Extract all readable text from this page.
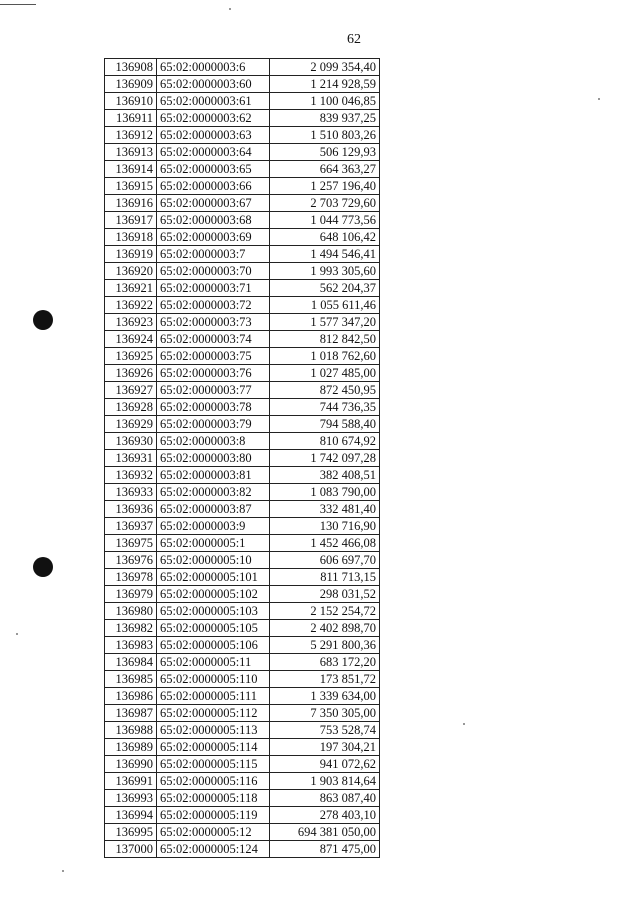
62
136908	65:02:0000003:6	2 099 354,40
136909	65:02:0000003:60	1 214 928,59
136910	65:02:0000003:61	1 100 046,85
136911	65:02:0000003:62	839 937,25
136912	65:02:0000003:63	1 510 803,26
136913	65:02:0000003:64	506 129,93
136914	65:02:0000003:65	664 363,27
136915	65:02:0000003:66	1 257 196,40
136916	65:02:0000003:67	2 703 729,60
136917	65:02:0000003:68	1 044 773,56
136918	65:02:0000003:69	648 106,42
136919	65:02:0000003:7	1 494 546,41
136920	65:02:0000003:70	1 993 305,60
136921	65:02:0000003:71	562 204,37
136922	65:02:0000003:72	1 055 611,46
136923	65:02:0000003:73	1 577 347,20
136924	65:02:0000003:74	812 842,50
136925	65:02:0000003:75	1 018 762,60
136926	65:02:0000003:76	1 027 485,00
136927	65:02:0000003:77	872 450,95
136928	65:02:0000003:78	744 736,35
136929	65:02:0000003:79	794 588,40
136930	65:02:0000003:8	810 674,92
136931	65:02:0000003:80	1 742 097,28
136932	65:02:0000003:81	382 408,51
136933	65:02:0000003:82	1 083 790,00
136936	65:02:0000003:87	332 481,40
136937	65:02:0000003:9	130 716,90
136975	65:02:0000005:1	1 452 466,08
136976	65:02:0000005:10	606 697,70
136978	65:02:0000005:101	811 713,15
136979	65:02:0000005:102	298 031,52
136980	65:02:0000005:103	2 152 254,72
136982	65:02:0000005:105	2 402 898,70
136983	65:02:0000005:106	5 291 800,36
136984	65:02:0000005:11	683 172,20
136985	65:02:0000005:110	173 851,72
136986	65:02:0000005:111	1 339 634,00
136987	65:02:0000005:112	7 350 305,00
136988	65:02:0000005:113	753 528,74
136989	65:02:0000005:114	197 304,21
136990	65:02:0000005:115	941 072,62
136991	65:02:0000005:116	1 903 814,64
136993	65:02:0000005:118	863 087,40
136994	65:02:0000005:119	278 403,10
136995	65:02:0000005:12	694 381 050,00
137000	65:02:0000005:124	871 475,00
